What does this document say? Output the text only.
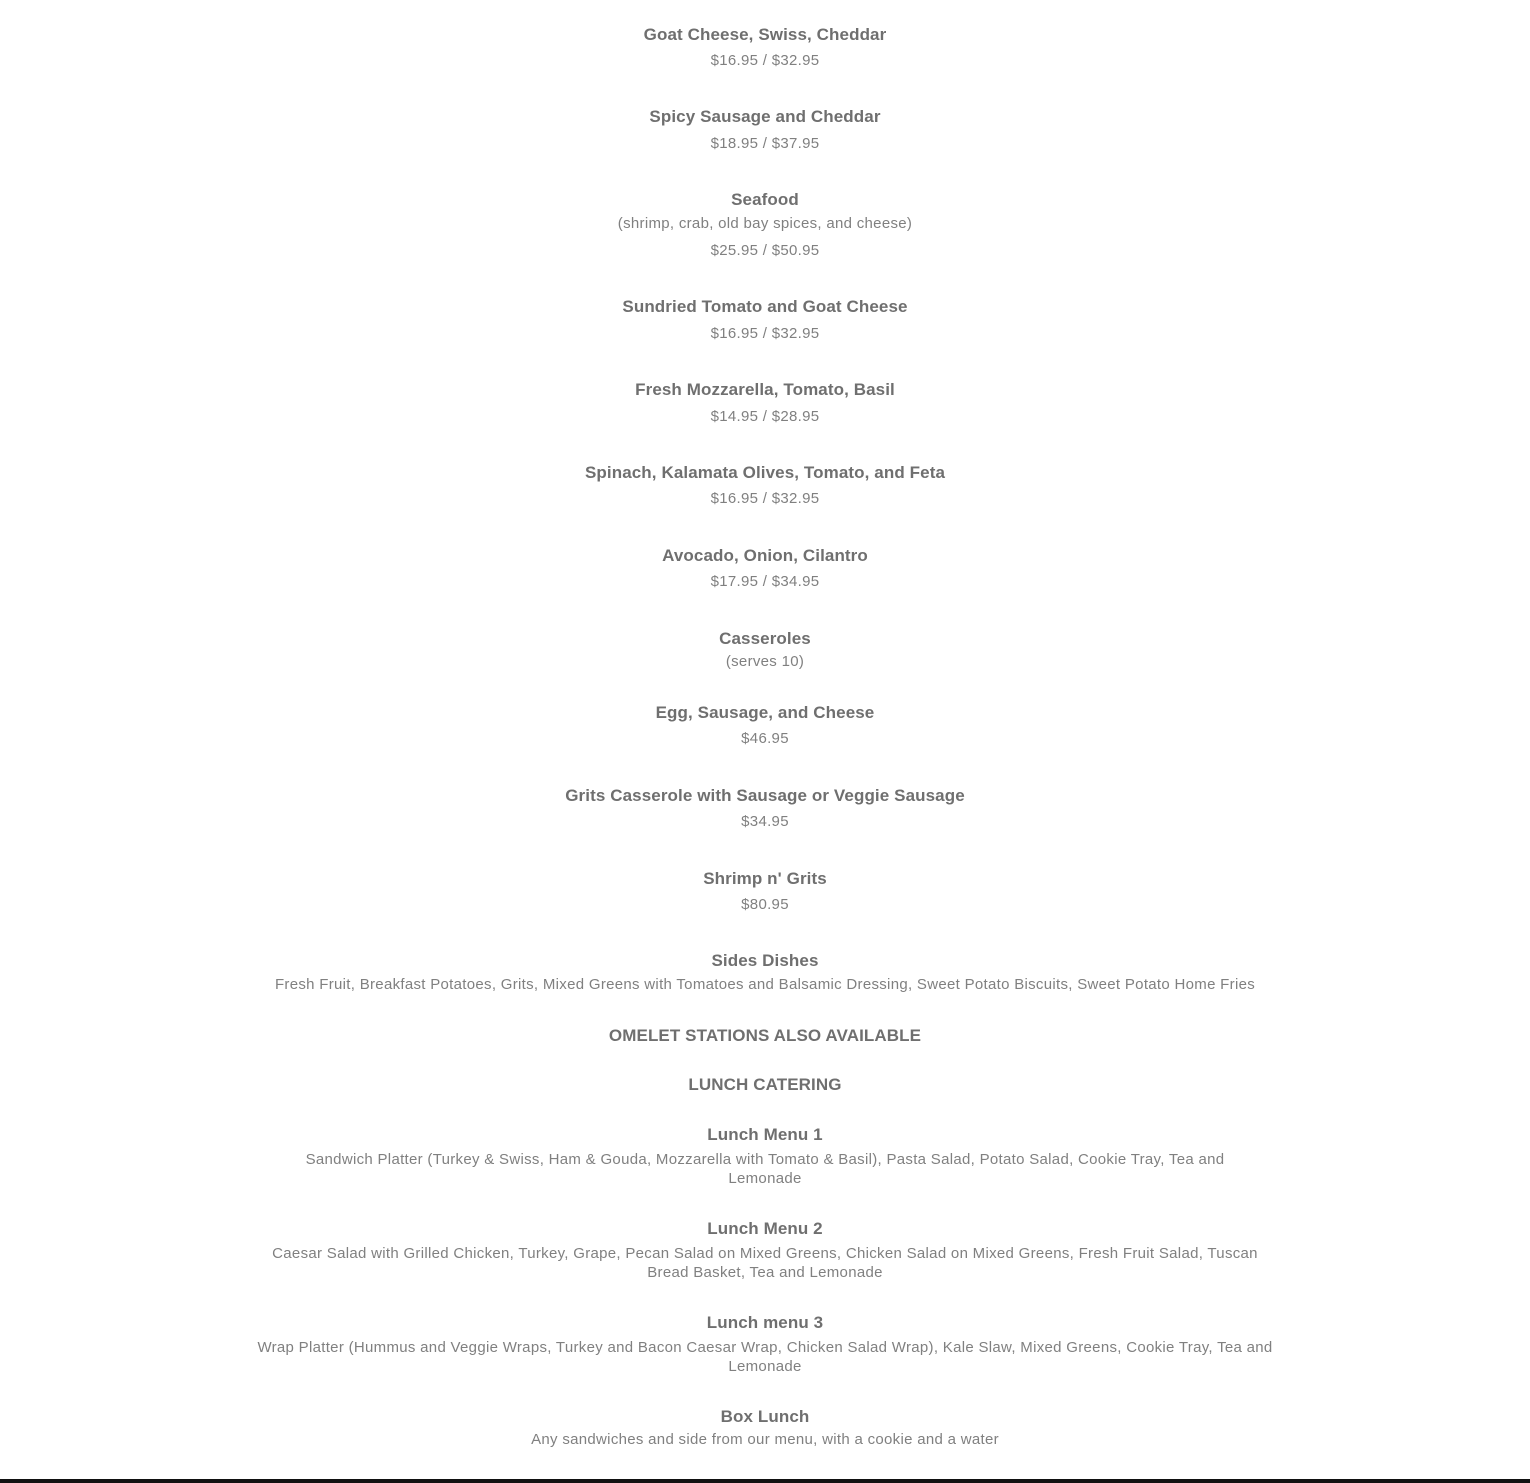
Goat Cheese, Swiss, Cheddar
$16.95 / $32.95
Spicy Sausage and Cheddar
$18.95 / $37.95
Seafood
(shrimp, crab, old bay spices, and cheese)
$25.95 / $50.95
Sundried Tomato and Goat Cheese
$16.95 / $32.95
Fresh Mozzarella, Tomato, Basil
$14.95 / $28.95
Spinach, Kalamata Olives, Tomato, and Feta
$16.95 / $32.95
Avocado, Onion, Cilantro
$17.95 / $34.95
Casseroles
(serves 10)
Egg, Sausage, and Cheese
$46.95
Grits Casserole with Sausage or Veggie Sausage
$34.95
Shrimp n' Grits
$80.95
Sides Dishes
Fresh Fruit, Breakfast Potatoes, Grits, Mixed Greens with Tomatoes and Balsamic Dressing, Sweet Potato Biscuits, Sweet Potato Home Fries
OMELET STATIONS ALSO AVAILABLE
LUNCH CATERING
Lunch Menu 1
Sandwich Platter (Turkey & Swiss, Ham & Gouda, Mozzarella with Tomato & Basil), Pasta Salad, Potato Salad, Cookie Tray, Tea and Lemonade
Lunch Menu 2
Caesar Salad with Grilled Chicken, Turkey, Grape, Pecan Salad on Mixed Greens, Chicken Salad on Mixed Greens, Fresh Fruit Salad, Tuscan Bread Basket, Tea and Lemonade
Lunch menu 3
Wrap Platter (Hummus and Veggie Wraps, Turkey and Bacon Caesar Wrap, Chicken Salad Wrap), Kale Slaw, Mixed Greens, Cookie Tray, Tea and Lemonade
Box Lunch
Any sandwiches and side from our menu, with a cookie and a water
